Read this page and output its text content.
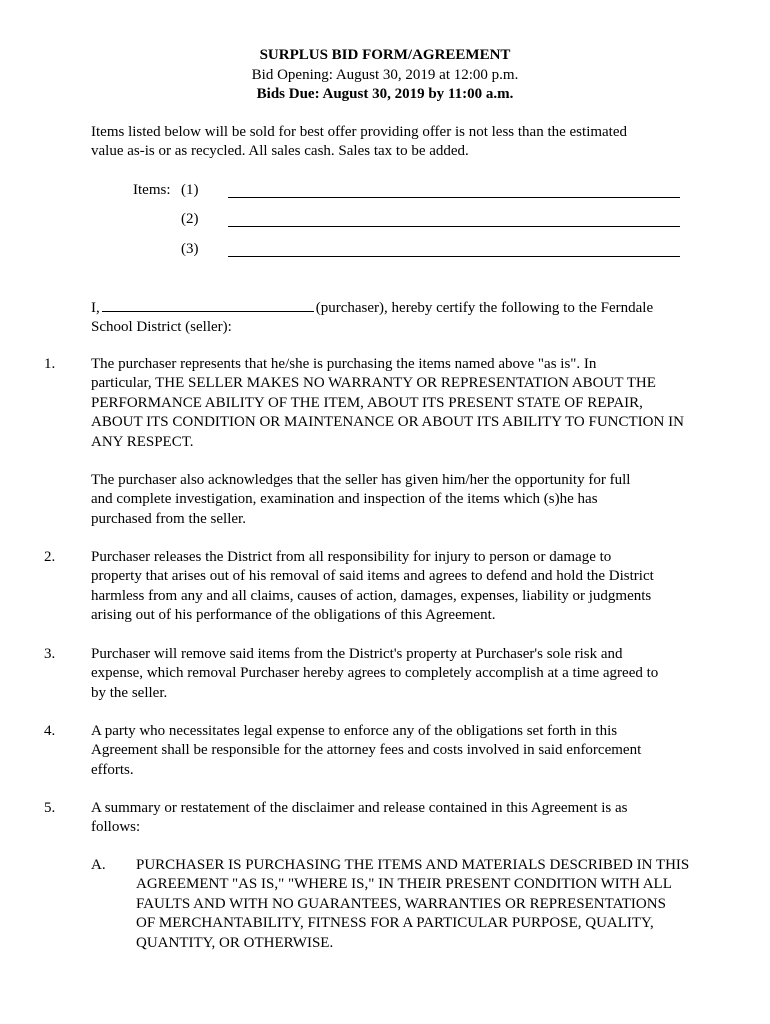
SURPLUS BID FORM/AGREEMENT
Bid Opening: August 30, 2019 at 12:00 p.m.
Bids Due: August 30, 2019 by 11:00 a.m.
Items listed below will be sold for best offer providing offer is not less than the estimated
value as-is or as recycled. All sales cash. Sales tax to be added.
Items: (1)
(2)
(3)
I,	(purchaser), hereby certify the following to the Ferndale
School District (seller):
1. The purchaser represents that he/she is purchasing the items named above "as is". In
particular, THE SELLER MAKES NO WARRANTY OR REPRESENTATION ABOUT THE
PERFORMANCE ABILITY OF THE ITEM, ABOUT ITS PRESENT STATE OF REPAIR,
ABOUT ITS CONDITION OR MAINTENANCE OR ABOUT ITS ABILITY TO FUNCTION IN
ANY RESPECT.
The purchaser also acknowledges that the seller has given him/her the opportunity for full
and complete investigation, examination and inspection of the items which (s)he has
purchased from the seller.
2. Purchaser releases the District from all responsibility for injury to person or damage to
property that arises out of his removal of said items and agrees to defend and hold the District
harmless from any and all claims, causes of action, damages, expenses, liability or judgments
arising out of his performance of the obligations of this Agreement.
3. Purchaser will remove said items from the District's property at Purchaser's sole risk and
expense, which removal Purchaser hereby agrees to completely accomplish at a time agreed to
by the seller.
4. A party who necessitates legal expense to enforce any of the obligations set forth in this
Agreement shall be responsible for the attorney fees and costs involved in said enforcement
efforts.
5. A summary or restatement of the disclaimer and release contained in this Agreement is as
follows:
A. PURCHASER IS PURCHASING THE ITEMS AND MATERIALS DESCRIBED IN THIS
AGREEMENT "AS IS," "WHERE IS," IN THEIR PRESENT CONDITION WITH ALL
FAULTS AND WITH NO GUARANTEES, WARRANTIES OR REPRESENTATIONS
OF MERCHANTABILITY, FITNESS FOR A PARTICULAR PURPOSE, QUALITY,
QUANTITY, OR OTHERWISE.
